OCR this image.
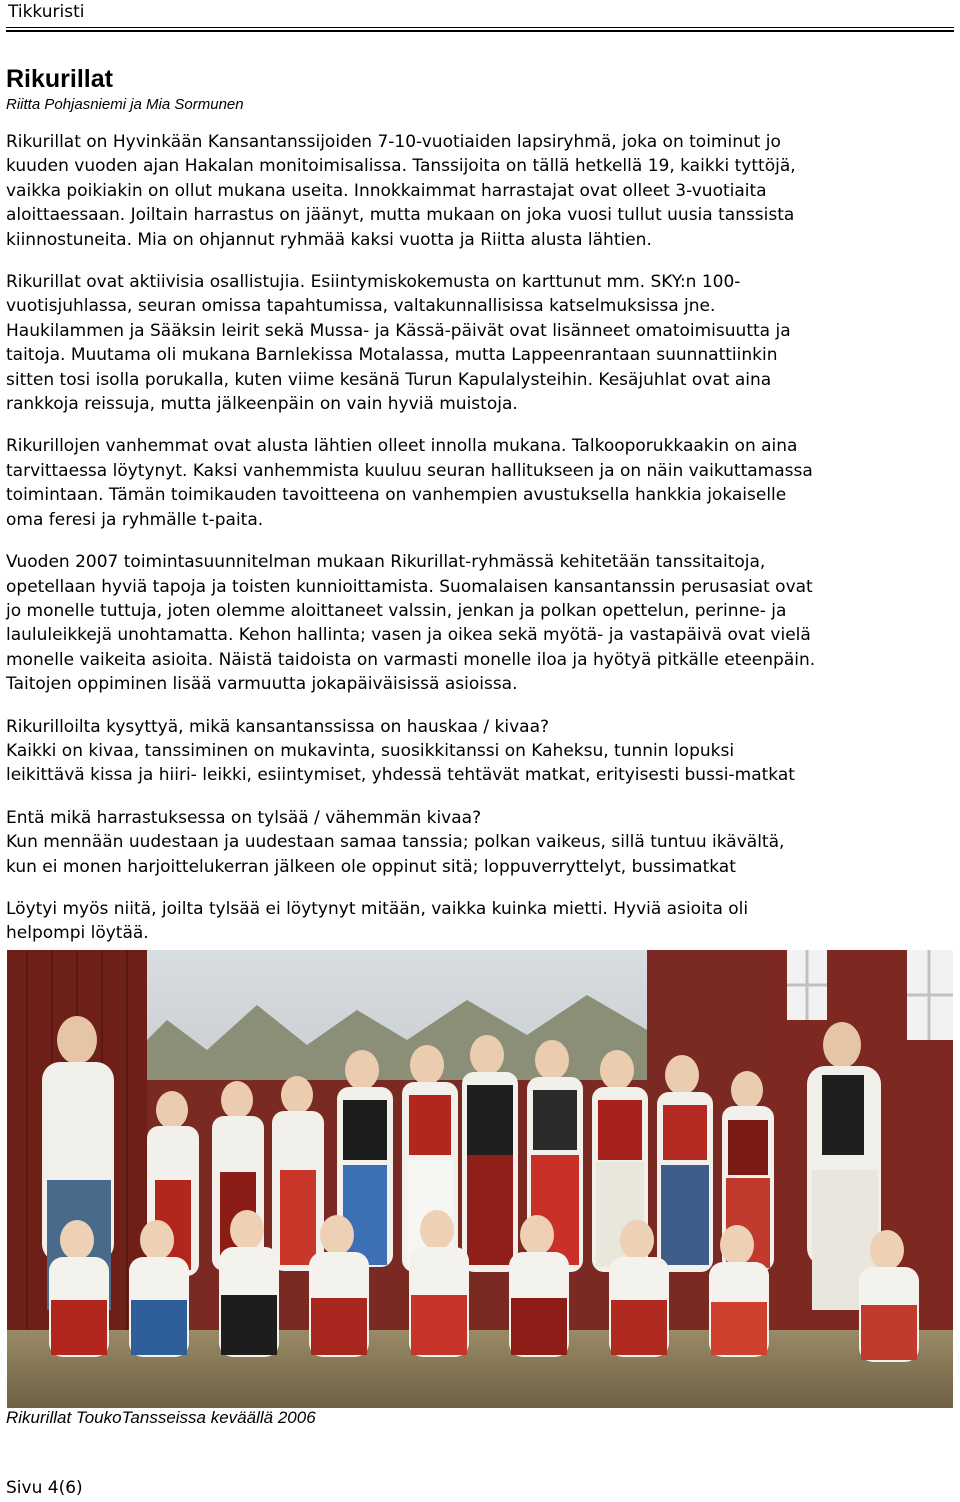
Tikkuristi
Rikurillat
Riitta Pohjasniemi ja Mia Sormunen

Rikurillat on Hyvinkään Kansantanssijoiden 7-10-vuotiaiden lapsiryhmä, joka on toiminut jo
kuuden vuoden ajan Hakalan monitoimisalissa. Tanssijoita on tällä hetkellä 19, kaikki tyttöjä,
vaikka poikiakin on ollut mukana useita. Innokkaimmat harrastajat ovat olleet 3-vuotiaita
aloittaessaan. Joiltain harrastus on jäänyt, mutta mukaan on joka vuosi tullut uusia tanssista
kiinnostuneita. Mia on ohjannut ryhmää kaksi vuotta ja Riitta alusta lähtien.

Rikurillat ovat aktiivisia osallistujia. Esiintymiskokemusta on karttunut mm. SKY:n 100-
vuotisjuhlassa, seuran omissa tapahtumissa, valtakunnallisissa katselmuksissa jne.
Haukilammen ja Sääksin leirit sekä Mussa- ja Kässä-päivät ovat lisänneet omatoimisuutta ja
taitoja. Muutama oli mukana Barnlekissa Motalassa, mutta Lappeenrantaan suunnattiinkin
sitten tosi isolla porukalla, kuten viime kesänä Turun Kapulalysteihin. Kesäjuhlat ovat aina
rankkoja reissuja, mutta jälkeenpäin on vain hyviä muistoja.

Rikurillojen vanhemmat ovat alusta lähtien olleet innolla mukana. Talkooporukkaakin on aina
tarvittaessa löytynyt. Kaksi vanhemmista kuuluu seuran hallitukseen ja on näin vaikuttamassa
toimintaan. Tämän toimikauden tavoitteena on vanhempien avustuksella hankkia jokaiselle
oma feresi ja ryhmälle t-paita.

Vuoden 2007 toimintasuunnitelman mukaan Rikurillat-ryhmässä kehitetään tanssitaitoja,
opetellaan hyviä tapoja ja toisten kunnioittamista. Suomalaisen kansantanssin perusasiat ovat
jo monelle tuttuja, joten olemme aloittaneet valssin, jenkan ja polkan opettelun, perinne- ja
laululeikkejä unohtamatta. Kehon hallinta; vasen ja oikea sekä myötä- ja vastapäivä ovat vielä
monelle vaikeita asioita. Näistä taidoista on varmasti monelle iloa ja hyötyä pitkälle eteenpäin.
Taitojen oppiminen lisää varmuutta jokapäiväisissä asioissa.

Rikurilloilta kysyttyä, mikä kansantanssissa on hauskaa / kivaa?
Kaikki on kivaa, tanssiminen on mukavinta, suosikkitanssi on Kaheksu, tunnin lopuksi
leikittävä kissa ja hiiri- leikki, esiintymiset, yhdessä tehtävät matkat, erityisesti bussi-matkat

Entä mikä harrastuksessa on tylsää / vähemmän kivaa?
Kun mennään uudestaan ja uudestaan samaa tanssia; polkan vaikeus, sillä tuntuu ikävältä,
kun ei monen harjoittelukerran jälkeen ole oppinut sitä; loppuverryttelyt, bussimatkat

Löytyi myös niitä, joilta tylsää ei löytynyt mitään, vaikka kuinka mietti. Hyviä asioita oli
helpompi löytää.

Rikurillat ToukoTansseissa keväällä 2006
Sivu 4(6)
